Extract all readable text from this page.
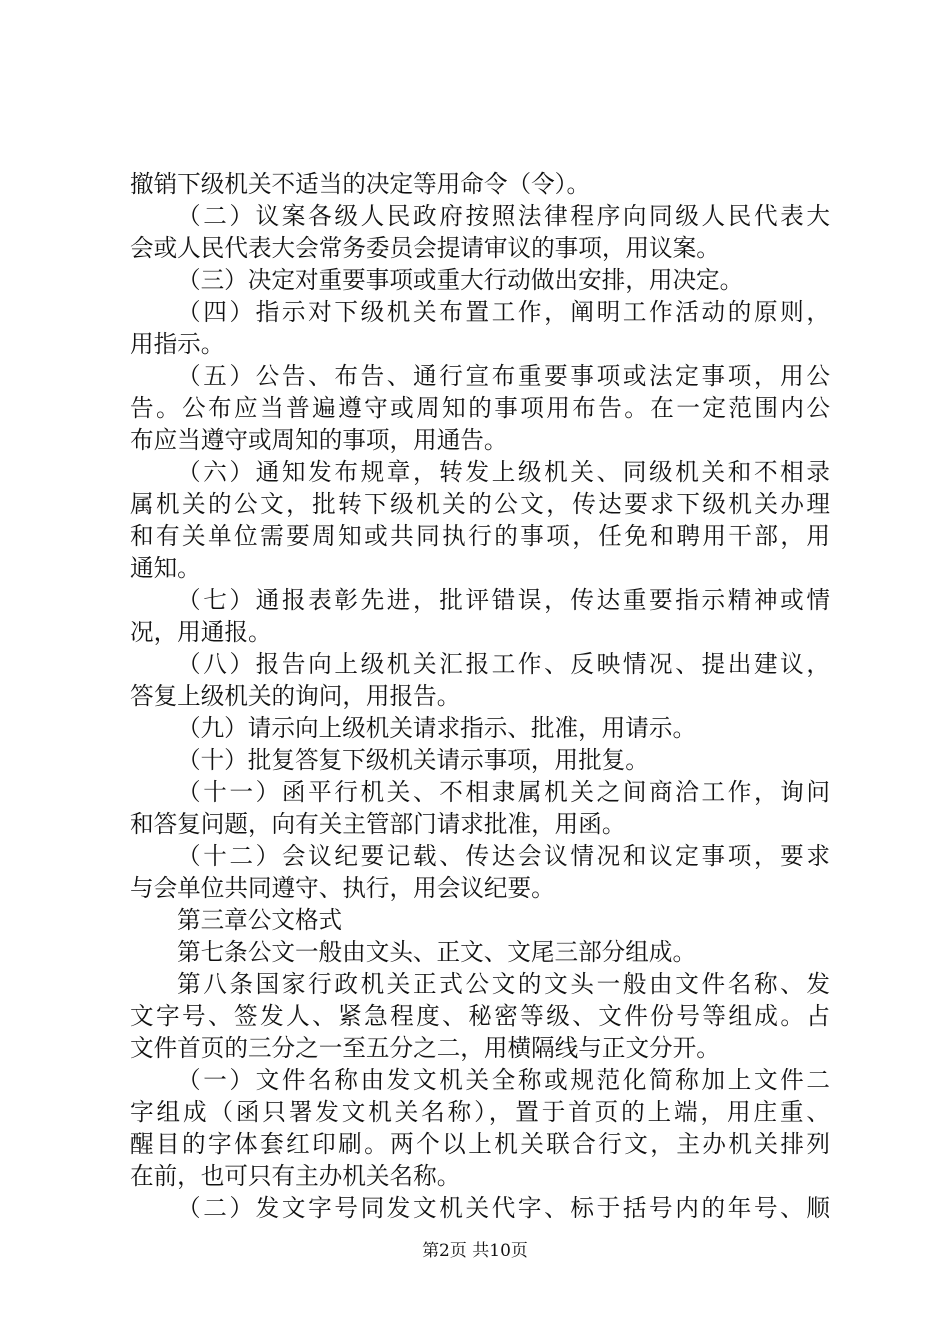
撤销下级机关不适当的决定等用命令（令）。
（二）议案各级人民政府按照法律程序向同级人民代表大
会或人民代表大会常务委员会提请审议的事项，用议案。
（三）决定对重要事项或重大行动做出安排，用决定。
（四）指示对下级机关布置工作，阐明工作活动的原则，
用指示。
（五）公告、布告、通行宣布重要事项或法定事项，用公
告。公布应当普遍遵守或周知的事项用布告。在一定范围内公
布应当遵守或周知的事项，用通告。
（六）通知发布规章，转发上级机关、同级机关和不相录
属机关的公文，批转下级机关的公文，传达要求下级机关办理
和有关单位需要周知或共同执行的事项，任免和聘用干部，用
通知。
（七）通报表彰先进，批评错误，传达重要指示精神或情
况，用通报。
（八）报告向上级机关汇报工作、反映情况、提出建议，
答复上级机关的询问，用报告。
（九）请示向上级机关请求指示、批准，用请示。
（十）批复答复下级机关请示事项，用批复。
（十一）函平行机关、不相隶属机关之间商洽工作，询问
和答复问题，向有关主管部门请求批准，用函。
（十二）会议纪要记载、传达会议情况和议定事项，要求
与会单位共同遵守、执行，用会议纪要。
第三章公文格式
第七条公文一般由文头、正文、文尾三部分组成。
第八条国家行政机关正式公文的文头一般由文件名称、发
文字号、签发人、紧急程度、秘密等级、文件份号等组成。占
文件首页的三分之一至五分之二，用横隔线与正文分开。
（一）文件名称由发文机关全称或规范化简称加上文件二
字组成（函只署发文机关名称），置于首页的上端，用庄重、
醒目的字体套红印刷。两个以上机关联合行文，主办机关排列
在前，也可只有主办机关名称。
（二）发文字号同发文机关代字、标于括号内的年号、顺
第2页 共10页
